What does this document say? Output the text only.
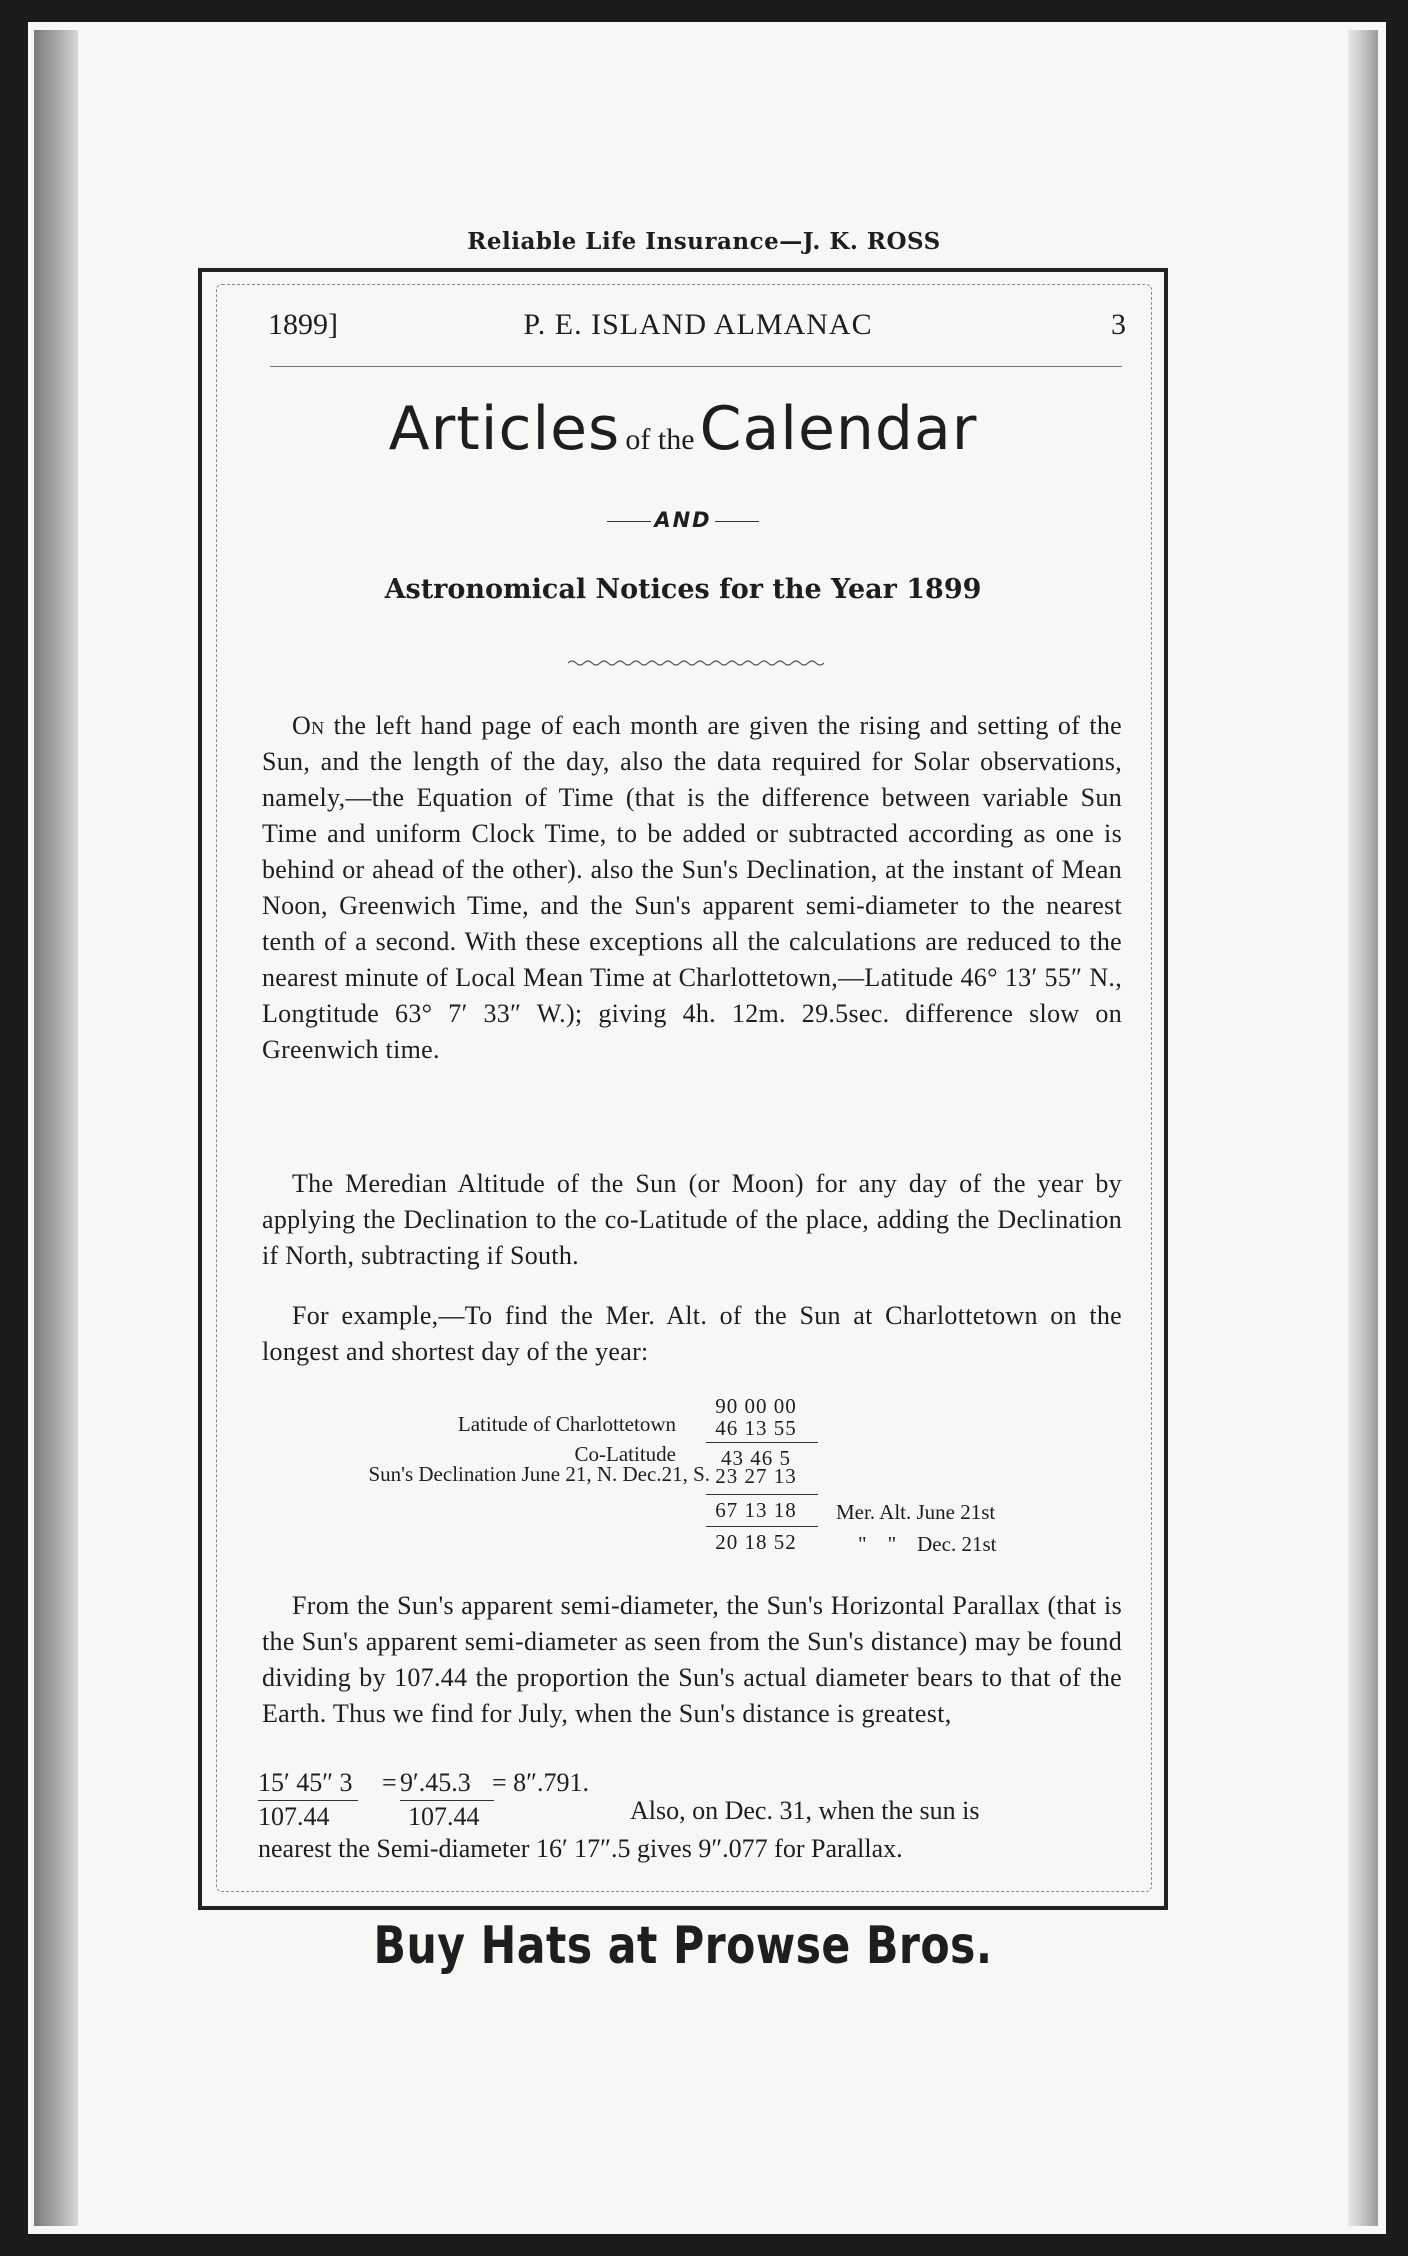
Reliable Life Insurance—J. K. ROSS
1899]	P. E. ISLAND ALMANAC	3
Articles of the Calendar
AND
Astronomical Notices for the Year 1899
On the left hand page of each month are given the rising and setting of the Sun, and the length of the day, also the data required for Solar observations, namely,—the Equation of Time (that is the difference between variable Sun Time and uniform Clock Time, to be added or subtracted according as one is behind or ahead of the other). also the Sun's Declination, at the instant of Mean Noon, Greenwich Time, and the Sun's apparent semi-diameter to the nearest tenth of a second. With these exceptions all the calculations are reduced to the nearest minute of Local Mean Time at Charlottetown,—Latitude 46° 13′ 55″ N., Longtitude 63° 7′ 33″ W.); giving 4h. 12m. 29.5sec. difference slow on Greenwich time.
The Meredian Altitude of the Sun (or Moon) for any day of the year by applying the Declination to the co-Latitude of the place, adding the Declination if North, subtracting if South.
For example,—To find the Mer. Alt. of the Sun at Charlottetown on the longest and shortest day of the year:
90 00 00
Latitude of Charlottetown	46 13 55
Co-Latitude	43 46 5
Sun's Declination June 21, N. Dec.21, S. 23 27 13
67 13 18	Mer. Alt. June 21st
20 18 52	"    "    Dec. 21st
From the Sun's apparent semi-diameter, the Sun's Horizontal Parallax (that is the Sun's apparent semi-diameter as seen from the Sun's distance) may be found dividing by 107.44 the proportion the Sun's actual diameter bears to that of the Earth. Thus we find for July, when the Sun's distance is greatest,
15′ 45″ 3 = 9′.45.3 = 8″.791.
107.44	107.44	Also, on Dec. 31, when the sun is
nearest the Semi-diameter 16′ 17″.5 gives 9″.077 for Parallax.
Buy Hats at Prowse Bros.
